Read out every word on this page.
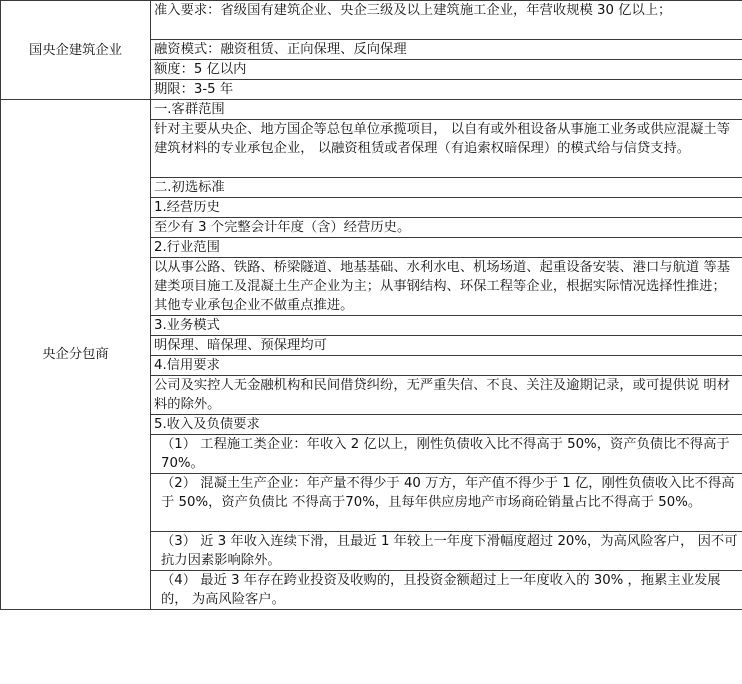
国央企建筑企业	准入要求：省级国有建筑企业、央企三级及以上建筑施工企业，年营收规模 30 亿以上；
	融资模式：融资租赁、正向保理、反向保理
	额度：5 亿以内
	期限：3-5 年
央企分包商	一.客群范围
	针对主要从央企、地方国企等总包单位承揽项目， 以自有或外租设备从事施工业务或供应混凝土等建筑材料的专业承包企业， 以融资租赁或者保理（有追索权暗保理）的模式给与信贷支持。
	二.初选标准
	1.经营历史
	至少有 3 个完整会计年度（含）经营历史。
	2.行业范围
	以从事公路、铁路、桥梁隧道、地基基础、水利水电、机场场道、起重设备安装、港口与航道 等基建类项目施工及混凝土生产企业为主；从事钢结构、环保工程等企业，根据实际情况选择性推进；其他专业承包企业不做重点推进。
	3.业务模式
	明保理、暗保理、预保理均可
	4.信用要求
	公司及实控人无金融机构和民间借贷纠纷，无严重失信、不良、关注及逾期记录，或可提供说 明材料的除外。
	5.收入及负债要求
	（1） 工程施工类企业：年收入 2 亿以上，刚性负债收入比不得高于 50%，资产负债比不得高于 70%。
	（2） 混凝土生产企业：年产量不得少于 40 万方，年产值不得少于 1 亿，刚性负债收入比不得高于 50%，资产负债比 不得高于70%，且每年供应房地产市场商砼销量占比不得高于 50%。
	（3） 近 3 年收入连续下滑，且最近 1 年较上一年度下滑幅度超过 20%，为高风险客户， 因不可 抗力因素影响除外。
	（4） 最近 3 年存在跨业投资及收购的，且投资金额超过上一年度收入的 30% ，拖累主业发展的， 为高风险客户。
